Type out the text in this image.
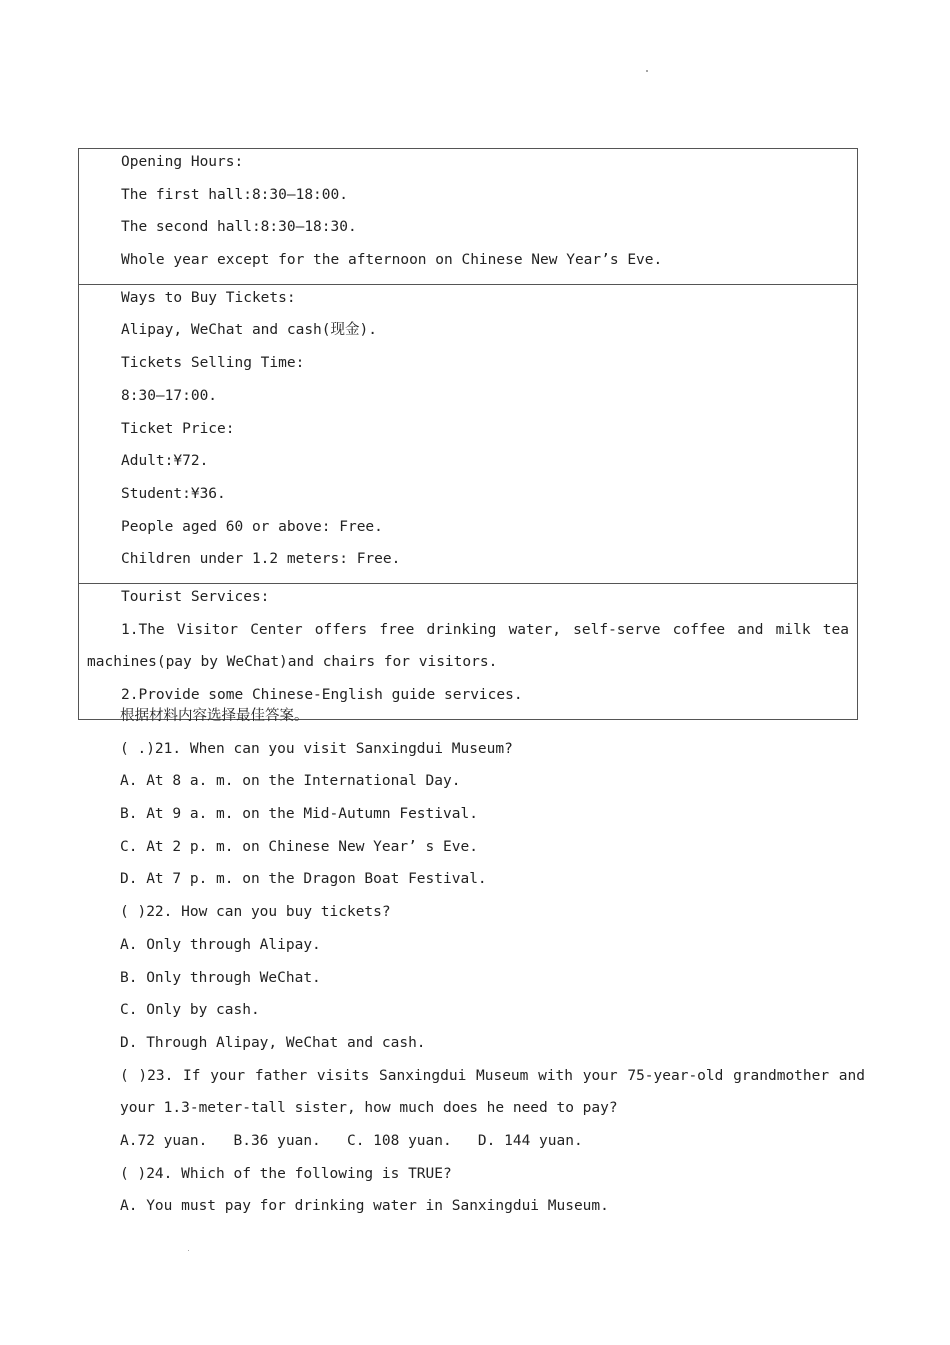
Opening Hours:
The first hall:8:30—18:00.
The second hall:8:30—18:30.
Whole year except for the afternoon on Chinese New Year’s Eve.
Ways to Buy Tickets:
Alipay, WeChat and cash(现金).
Tickets Selling Time:
8:30—17:00.
Ticket Price:
Adult:¥72.
Student:¥36.
People aged 60 or above: Free.
Children under 1.2 meters: Free.
Tourist Services:
1.The Visitor Center offers free drinking water, self-serve coffee and milk tea
machines(pay by WeChat)and chairs for visitors.
2.Provide some Chinese-English guide services.
根据材料内容选择最佳答案。
( .)21. When can you visit Sanxingdui Museum?
A. At 8 a. m. on the International Day.
B. At 9 a. m. on the Mid-Autumn Festival.
C. At 2 p. m. on Chinese New Year’ s Eve.
D. At 7 p. m. on the Dragon Boat Festival.
( )22. How can you buy tickets?
A. Only through Alipay.
B. Only through WeChat.
C. Only by cash.
D. Through Alipay, WeChat and cash.
( )23. If your father visits Sanxingdui Museum with your 75-year-old grandmother and
your 1.3-meter-tall sister, how much does he need to pay?
A.72 yuan.   B.36 yuan.   C. 108 yuan.   D. 144 yuan.
( )24. Which of the following is TRUE?
A. You must pay for drinking water in Sanxingdui Museum.
